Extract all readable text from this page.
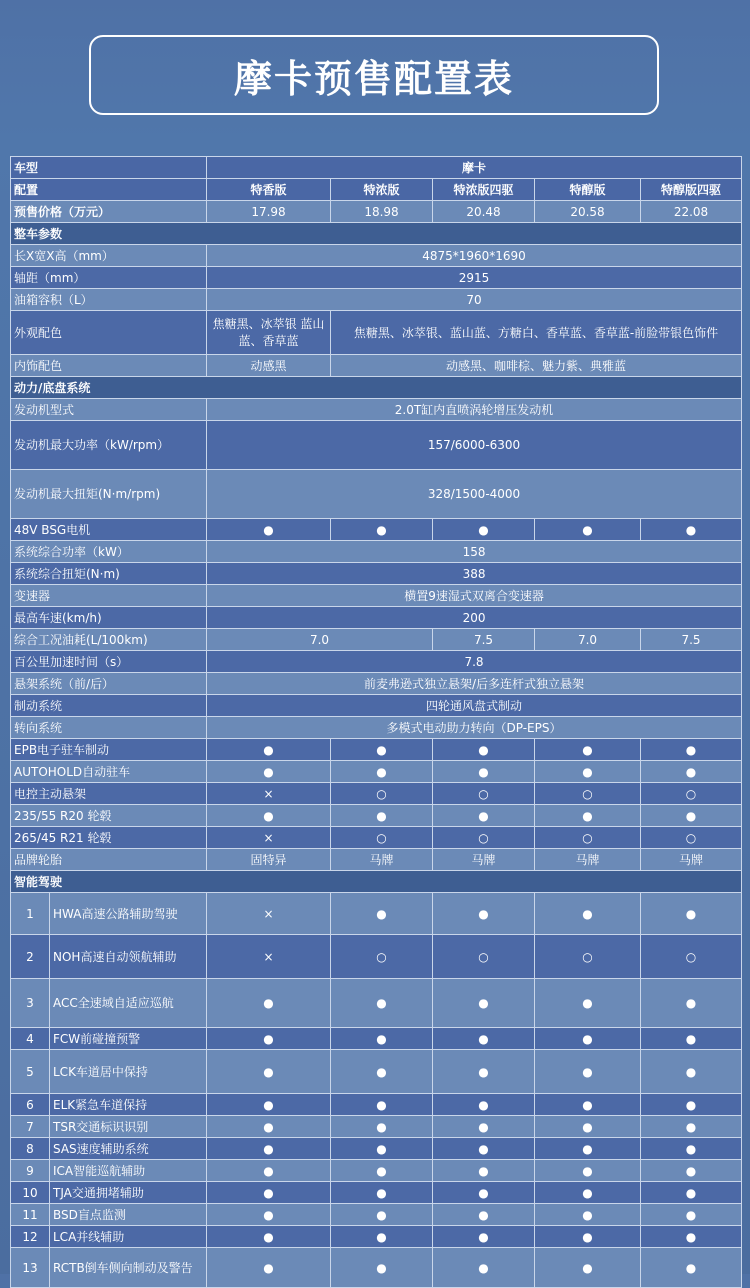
摩卡预售配置表
车型		摩卡				
配置		特香版	特浓版	特浓版四驱	特醇版	特醇版四驱
预售价格（万元）		17.98	18.98	20.48	20.58	22.08
整车参数						
长X宽X高（mm）		4875*1960*1690				
轴距（mm）		2915				
油箱容积（L）		70				
外观配色		焦糖黑、冰萃银 蓝山蓝、香草蓝	焦糖黑、冰萃银、蓝山蓝、方糖白、香草蓝、香草蓝-前脸带银色饰件			
内饰配色		动感黑	动感黑、咖啡棕、魅力紫、典雅蓝			
动力/底盘系统						
发动机型式		2.0T缸内直喷涡轮增压发动机				
发动机最大功率（kW/rpm）		157/6000-6300				
发动机最大扭矩(N·m/rpm)		328/1500-4000				
48V BSG电机		●	●	●	●	●
系统综合功率（kW）		158				
系统综合扭矩(N·m)		388				
变速器		横置9速湿式双离合变速器				
最高车速(km/h)		200				
综合工况油耗(L/100km)		7.0		7.5	7.0	7.5
百公里加速时间（s）		7.8				
悬架系统（前/后）		前麦弗逊式独立悬架/后多连杆式独立悬架				
制动系统		四轮通风盘式制动				
转向系统		多模式电动助力转向（DP-EPS）				
EPB电子驻车制动		●	●	●	●	●
AUTOHOLD自动驻车		●	●	●	●	●
电控主动悬架		×	○	○	○	○
235/55 R20 轮毂		●	●	●	●	●
265/45 R21 轮毂		×	○	○	○	○
品牌轮胎		固特异	马牌	马牌	马牌	马牌
智能驾驶						
1	HWA高速公路辅助驾驶	×	●	●	●	●
2	NOH高速自动领航辅助	×	○	○	○	○
3	ACC全速域自适应巡航	●	●	●	●	●
4	FCW前碰撞预警	●	●	●	●	●
5	LCK车道居中保持	●	●	●	●	●
6	ELK紧急车道保持	●	●	●	●	●
7	TSR交通标识识别	●	●	●	●	●
8	SAS速度辅助系统	●	●	●	●	●
9	ICA智能巡航辅助	●	●	●	●	●
10	TJA交通拥堵辅助	●	●	●	●	●
11	BSD盲点监测	●	●	●	●	●
12	LCA并线辅助	●	●	●	●	●
13	RCTB倒车侧向制动及警告	●	●	●	●	●
